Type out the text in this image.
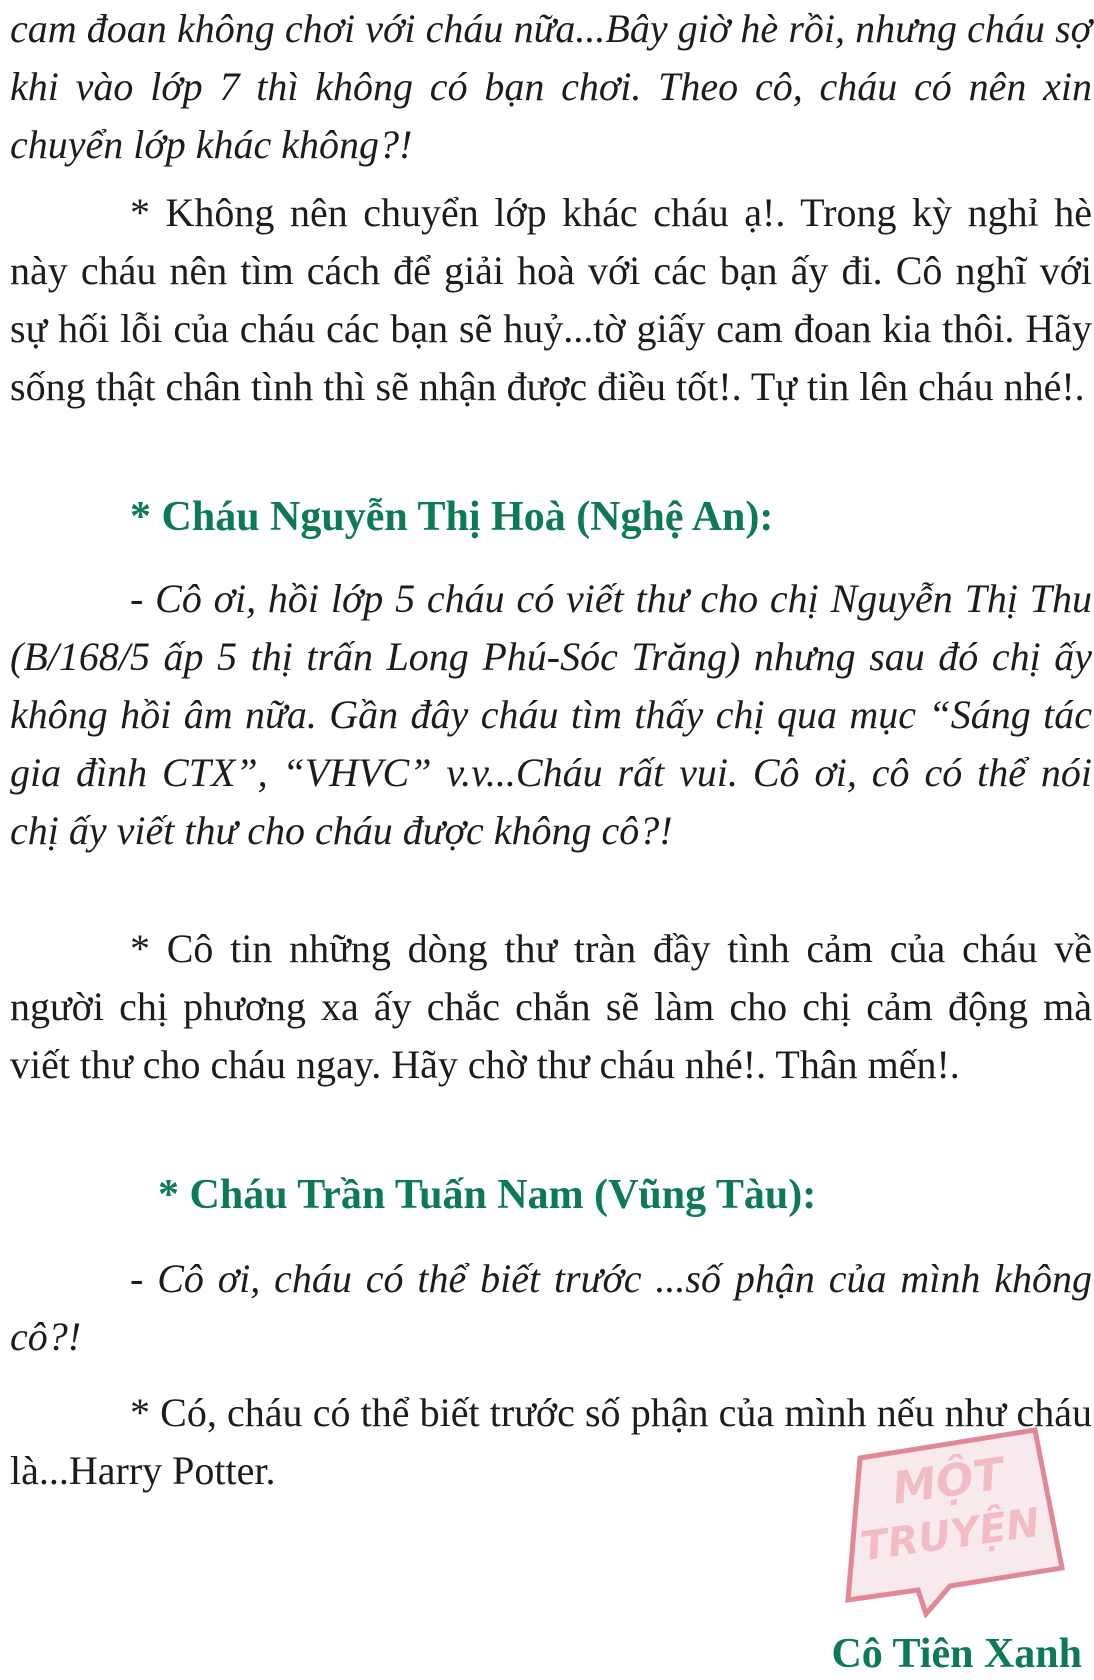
cam đoan không chơi với cháu nữa...Bây giờ hè rồi, nhưng cháu sợ khi vào lớp 7 thì không có bạn chơi. Theo cô, cháu có nên xin chuyển lớp khác không?!

* Không nên chuyển lớp khác cháu ạ!. Trong kỳ nghỉ hè này cháu nên tìm cách để giải hoà với các bạn ấy đi. Cô nghĩ với sự hối lỗi của cháu các bạn sẽ huỷ...tờ giấy cam đoan kia thôi. Hãy sống thật chân tình thì sẽ nhận được điều tốt!. Tự tin lên cháu nhé!.

* Cháu Nguyễn Thị Hoà (Nghệ An):

- Cô ơi, hồi lớp 5 cháu có viết thư cho chị Nguyễn Thị Thu (B/168/5 ấp 5 thị trấn Long Phú-Sóc Trăng) nhưng sau đó chị ấy không hồi âm nữa. Gần đây cháu tìm thấy chị qua mục “Sáng tác gia đình CTX”, “VHVC” v.v...Cháu rất vui. Cô ơi, cô có thể nói chị ấy viết thư cho cháu được không cô?!

* Cô tin những dòng thư tràn đầy tình cảm của cháu về người chị phương xa ấy chắc chắn sẽ làm cho chị cảm động mà viết thư cho cháu ngay. Hãy chờ thư cháu nhé!. Thân mến!.

* Cháu Trần Tuấn Nam (Vũng Tàu):

- Cô ơi, cháu có thể biết trước ...số phận của mình không cô?!

* Có, cháu có thể biết trước số phận của mình nếu như cháu là...Harry Potter.	MỘT
TRUYỆN

Cô Tiên Xanh
